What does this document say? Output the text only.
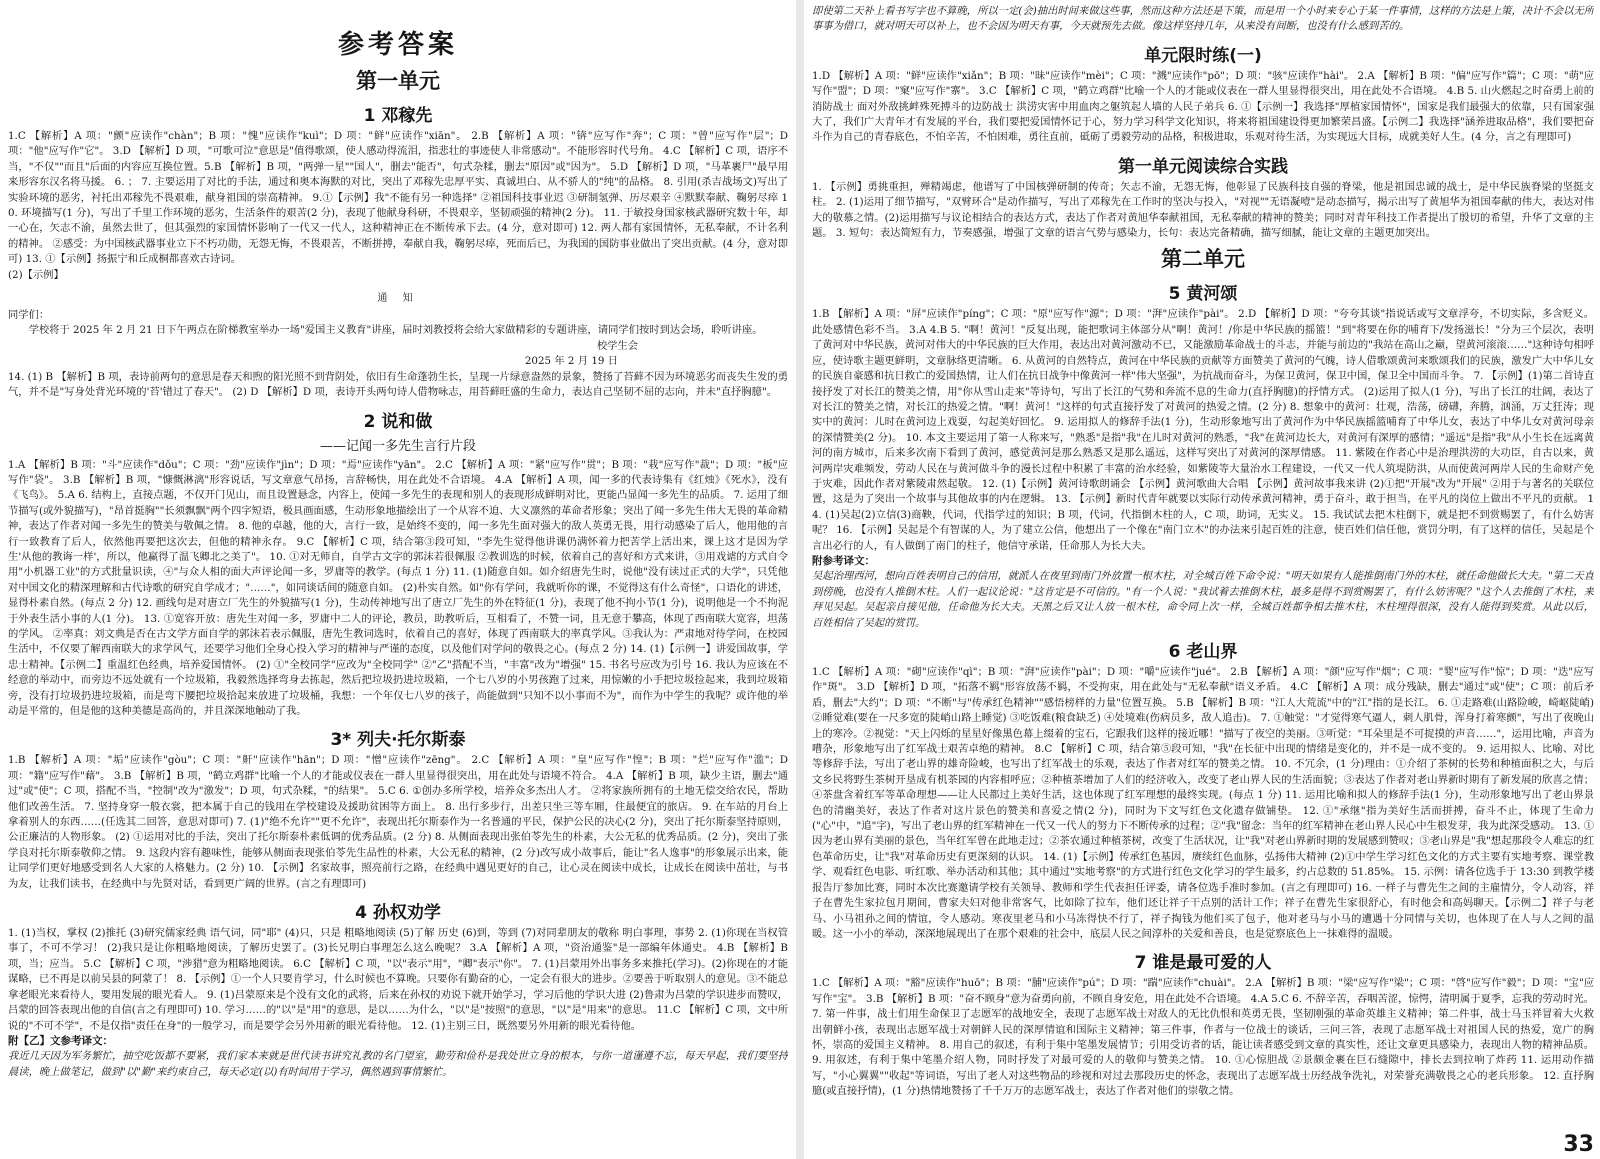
参考答案
第一单元
1 邓稼先

1.C 【解析】A 项："颤"应读作"chàn"；B 项："愧"应读作"kuì"；D 项："鲜"应读作"xiān"。 2.B 【解析】A 项："锛"应写作"奔"；C 项："曾"应写作"层"；D 项："他"应写作"它"。 3.D 【解析】D 项，"可歌可泣"意思是"值得歌颂，使人感动得流泪，指悲壮的事迹使人非常感动"。不能形容时代号角。 4.C 【解析】C 项，语序不当，"不仅""而且"后面的内容应互换位置。5.B 【解析】B 项，"两弹一星""国人"，删去"能否"，句式杂糅，删去"原因"或"因为"。 5.D 【解析】D 项，"马革裹尸"最早用来形容东汉名将马援。 6. ； 7. 主要运用了对比的手法，通过和奥本海默的对比，突出了邓稼先忠厚平实、真诚坦白、从不骄人的"纯"的品格。 8. 引用(杀吉战场文)写出了实验环境的恶劣，衬托出邓稼先不畏艰难，献身祖国的崇高精神。 9.①【示例】我"不能有另一种选择" ②祖国科技事业迟 ③研制氢弹、历尽艰辛 ④默默奉献、鞠躬尽瘁 10. 环境描写(1 分)，写出了千里工作环境的恶劣，生活条件的艰苦(2 分)，表现了他献身科研，不畏艰辛，坚韧顽强的精神(2 分)。 11. 于敏投身国家核武器研究数十年，却一心在，矢志不渝，虽然去世了，但其强烈的家国情怀影响了一代又一代人，这种精神正在不断传承下去。(4 分，意对即可) 12. 两人都有家国情怀，无私奉献，不计名利的精神。 ②感受：为中国核武器事业立下不朽功勋，无怨无悔，不畏艰苦，不断拼搏，奉献自我，鞠躬尽瘁，死而后已，为我国的国防事业做出了突出贡献。(4 分，意对即可) 13. ①【示例】扬振宁和丘成桐都喜欢古诗词。

(2)【示例】

通 知

同学们：

学校将于 2025 年 2 月 21 日下午两点在阶梯教室举办一场"爱国主义教育"讲座，届时刘教授将会给大家做精彩的专题讲座，请同学们按时到达会场，聆听讲座。

校学生会

2025 年 2 月 19 日

14. (1) B 【解析】B 项，表诗前两句的意思是春天和煦的阳光照不到背阴处，依旧有生命蓬勃生长，呈现一片绿意盎然的景象，赞扬了苔藓不因为环境恶劣而丧失生发的勇气，并不是"写身处背光环境的'苔'错过了春天"。 (2) D 【解析】D 项，表诗开头两句诗人借物咏志，用苔藓旺盛的生命力，表达自己坚韧不屈的志向，并未"直抒胸臆"。

2 说和做
——记闻一多先生言行片段

1.A 【解析】B 项："斗"应读作"dǒu"；C 项："劲"应读作"jìn"；D 项："焉"应读作"yān"。 2.C 【解析】A 项："紧"应写作"贯"；B 项："栽"应写作"裁"；D 项："板"应写作"袋"。 3.B 【解析】B 项，"慷慨淋漓"形容说话，写文章意气昂扬，言辞畅快，用在此处不合语境。 4.A 【解析】A 项，闻一多的代表诗集有《红烛》《死水》，没有《飞鸟》。 5.A 6. 结构上，直接点题，不仅开门见山，而且设置悬念，内容上，使闻一多先生的表现和别人的表现形成鲜明对比，更能凸显闻一多先生的品质。 7. 运用了细节描写(或外貌描写)，"昂首挺胸""长须飘飘"两个四字短语，极具画面感，生动形象地描绘出了一个从容不迫、大义凛然的革命者形象；突出了闻一多先生伟大无畏的革命精神，表达了作者对闻一多先生的赞美与敬佩之情。 8. 他的卓越，他的大，言行一致，是始终不变的，闻一多先生面对强大的敌人英勇无畏，用行动感染了后人，他用他的言行一致教育了后人，依然他再要把这次去，但他的精神永存。 9.C 【解析】C 项，结合第③段可知，"李先生觉得他讲课仍满怀着力把苦学上活出来，课上这才是因为学生'从他的教诲一样'，所以，他赢得了温飞卿北之美了"。 10. ①对无师自，自学古文字的郭沫若很佩服 ②教训选的时候，依着自己的喜好和方式来讲，③用戏谑的方式自令用"小机器工业"的方式批量识读，④"与众人相的面大声评论闻一多，罗庸等的教学。(每点 1 分) 11. (1)随意自如。如介绍唐先生时，说他"没有读过正式的大学"，只凭他对中国文化的精深理解和古代诗歌的研究自学成才；"……"，如同谈话间的随意自如。 (2)朴实自然。如"你有学问，我就听你的课，不觉得这有什么奇怪"，口语化的讲述，显得朴素自然。(每点 2 分) 12. 画线句是对唐立厂先生的外貌描写(1 分)，生动传神地写出了唐立厂先生的外在特征(1 分)，表现了他不拘小节(1 分)，说明他是一个不拘泥于外表生活小事的人(1 分)。 13. ①宽容开放：唐先生对闻一多，罗庸中二人的评论，教员，助教听后，互相看了，不赞一词，且无意于攀高，体现了西南联大宽容，坦荡的学风。 ②率真：刘文典是否在古文学方面自学的郭沫若表示佩服，唐先生教词选时，依着自己的喜好，体现了西南联大的率真学风。③我认为：严肃地对待学问，在校园生活中，不仅要了解西南联大的求学风气，还要学习他们全身心投入学习的精神与严谨的态度，以及他们对学问的敬畏之心。(每点 2 分) 14. (1)【示例一】讲爱国故事，学忠士精神。【示例二】重温红色经典，培养爱国情怀。 (2) ①"全校同学"应改为"全校同学" ②"乙"搭配不当，"丰富"改为"增强" 15. 书名号应改为引号 16. 我认为应该在不经意的举动中，而旁边不远处就有一个垃圾箱，我毅然选择弯身去拣起，然后把垃圾扔进垃圾箱，一个七八岁的小男孩跑了过来，用惊嫩的小手把垃圾捡起来，我到垃圾箱旁，没有打垃圾扔进垃圾箱，而是弯下腰把垃圾拾起来放进了垃圾桶，我想：一个年仅七八岁的孩子，尚能做到"只知不以小事而不为"，而作为中学生的我呢？或许他的举动是平常的，但是他的这种美德是高尚的，并且深深地触动了我。

3* 列夫·托尔斯泰

1.B 【解析】A 项："垢"应读作"gòu"；C 项："鼾"应读作"hān"；D 项："憎"应读作"zēng"。 2.C 【解析】A 项："皇"应写作"惶"；B 项："烂"应写作"滥"；D 项："籍"应写作"藉"。 3.B 【解析】B 项，"鹤立鸡群"比喻一个人的才能或仪表在一群人里显得很突出，用在此处与语境不符合。 4.A 【解析】B 项，缺少主语，删去"通过"或"使"；C 项，搭配不当，"控制"改为"激发"；D 项，句式杂糅，"的结果"。 5.C 6. ①创办多所学校，培养众多杰出人才。 ②将家族所拥有的土地无偿交给农民，帮助他们改善生活。 7. 坚持身穿一般衣裳，把本属于自己的钱用在学校建设及援助贫困等方面上。 8. 出行多步行，出差只坐三等车厢，住最便宜的旅店。 9. 在车站的月台上拿着别人的东西……(任选其二回答，意思对即可) 7. (1)"绝不允许""更不允许"，表现出托尔斯泰作为一名普通的平民，保护公民的决心(2 分)，突出了托尔斯泰坚持原则，公正廉洁的人物形象。 (2) ①运用对比的手法，突出了托尔斯泰朴素低调的优秀品质。(2 分) 8. 从侧面表现出张伯苓先生的朴素，大公无私的优秀品质。(2 分)，突出了张学良对托尔斯泰敬仰之情。 9. 这段内容有趣味性，能够从侧面表现张伯苓先生品性的朴素，大公无私的精神，(2 分)改写成小故事后，能让"名人逸事"的形象展示出来，能让同学们更好地感受到名人大家的人格魅力。(2 分) 10. 【示例】名家故事，照亮前行之路，在经典中遇见更好的自己，让心灵在阅读中成长，让成长在阅读中茁壮，与书为友，让我们读书，在经典中与先贤对话，看到更广阔的世界。(言之有理即可)

4 孙权劝学

1. (1)当权，掌权 (2)推托 (3)研究儒家经典 语气词，同"耶" (4)只，只是 粗略地阅读 (5)了解 历史 (6)到，等到 (7)对同辈朋友的敬称 明白事理，事势 2. (1)你现在当权管事了，不可不学习！ (2)我只是让你粗略地阅读，了解历史罢了。(3)长兄明白事理怎么这么晚呢？ 3.A 【解析】A 项，"资治通鉴"是一部编年体通史。 4.B 【解析】B 项，当；应当。 5.C 【解析】C 项，"涉猎"意为粗略地阅读。 6.C 【解析】C 项，"以"表示"用"，"卿"表示"你"。 7. (1)吕蒙用外出事务多来推托(学习)。(2)你现在的才能谋略，已不再是以前吴县的阿蒙了！ 8. 【示例】①一个人只要肯学习，什么时候也不算晚。只要你有勤奋的心，一定会有很大的进步。②要善于听取别人的意见。③不能总拿老眼光来看待人，要用发展的眼光看人。 9. (1)吕蒙原来是个没有文化的武将，后来在孙权的劝说下就开始学习，学习后他的学识大进 (2)鲁肃为吕蒙的学识进步而赞叹，吕蒙的回答表现出他的自信(言之有理即可) 10. 学习……的"以"是"用"的意思，是以……为什么，"以"是"按照"的意思，"以"是"用来"的意思。 11.C 【解析】C 项，文中所说的"不可不学"，不是仅指"责任在身"的一般学习，而是要学会另外用新的眼光看待他。 12. (1)主别三日，既然要另外用新的眼光看待他。

附【乙】文参考译文：

我近几天因为军务繁忙，抽空吃饭都不要紧，我们家本来就是世代读书讲究礼教的名门望室，勤劳和俭朴是我处世立身的根本，与你一道谨遵不忘，每天早起，我们要坚持晨读，晚上做笔记，做到"以"勤"来约束自己，每天必定(以)有时间用于学习，偶然遇到事情繁忙。

即使第二天补上看书写字也不算晚，所以一定(会)抽出时间来做这些事，然而这种方法还是下策，而是用一个小时来专心于某一件事情，这样的方法是上策，决计不会以无所事事为借口，就对明天可以补上，也不会因为明天有事，今天就预先去做。像这样坚持几年，从来没有间断，也没有什么感到苦的。

单元限时练(一)

1.D 【解析】A 项："鲜"应读作"xiǎn"；B 项："昧"应读作"mèi"；C 项："溅"应读作"pō"；D 项："骇"应读作"hài"。 2.A 【解析】B 项："偏"应写作"篇"；C 项："萌"应写作"盟"；D 项："窠"应写作"寨"。 3.C 【解析】C 项，"鹤立鸡群"比喻一个人的才能或仪表在一群人里显得很突出，用在此处不合语境。 4.B 5. 山火燃起之时奋勇上前的消防战士 面对外敌挑衅殊死搏斗的边防战士 洪涝灾害中用血肉之躯筑起人墙的人民子弟兵 6. ①【示例一】我选择"厚植家国情怀"，国家是我们最强大的依靠，只有国家强大了，我们广大青年才有发展的平台，我们要把爱国情怀记于心，努力学习科学文化知识，将来将祖国建设得更加繁荣昌盛。【示例二】我选择"涵养进取品格"，我们要把奋斗作为自己的青春底色，不怕辛苦，不怕困难，勇往直前，砥砺了勇毅劳动的品格，积极进取，乐观对待生活，为实现远大目标，成就美好人生。(4 分，言之有理即可)

第一单元阅读综合实践

1. 【示例】勇挑重担，殚精竭虑，他谱写了中国核弹研制的传奇；矢志不渝，无怨无悔，他彰显了民族科技自强的脊梁，他是祖国忠诚的战士，是中华民族脊梁的坚挺支柱。 2. (1)运用了细节描写，"双臂环合"是动作描写，写出了邓稼先在工作时的坚决与投入，"对视""无语凝噎"是动态描写，揭示出写了黄旭华为祖国奉献的伟大，表达对伟大的敬慕之情。(2)运用描写与议论相结合的表达方式，表达了作者对黄旭华奉献祖国，无私奉献的精神的赞美；同时对青年科技工作者提出了殷切的希望，升华了文章的主题。 3. 短句：表达简短有力，节奏感强，增强了文章的语言气势与感染力，长句：表达完备精确，描写细腻，能让文章的主题更加突出。

第二单元
5 黄河颂

1.B 【解析】A 项："屏"应读作"píng"；C 项："原"应写作"源"；D 项："湃"应读作"pài"。 2.D 【解析】D 项："夸夸其谈"指说话或写文章浮夸，不切实际，多含贬义。此处感情色彩不当。 3.A 4.B 5. "啊！黄河！"反复出现，能把歌词主体部分从"啊！黄河！/你是中华民族的摇篮！"到"将要在你的哺育下/发扬滋长！"分为三个层次，表明了黄河对中华民族，黄河对伟大的中华民族的巨大作用，表达出对黄河激动不已，又能激励革命战士的斗志，并能与前边的"我站在高山之巅，望黄河滚滚……"这种诗句相呼应，使诗歌主题更鲜明，文章脉络更清晰。 6. 从黄河的自然特点，黄河在中华民族的贡献等方面赞美了黄河的气魄，诗人借歌颂黄河来歌颂我们的民族，激发广大中华儿女的民族自豪感和抗日救亡的爱国热情，让人们在抗日战争中像黄河一样"伟大坚强"，为抗战而奋斗，为保卫黄河，保卫中国，保卫全中国而斗争。 7. 【示例】(1)第二首诗直接抒发了对长江的赞美之情，用"你从雪山走来"等诗句，写出了长江的气势和奔流不息的生命力(直抒胸臆)的抒情方式。 (2)运用了拟人(1 分)，写出了长江的壮阔，表达了对长江的赞美之情，对长江的热爱之情。"啊！黄河！"这样的句式直接抒发了对黄河的热爱之情。(2 分) 8. 想象中的黄河：壮观，浩荡，磅礴，奔腾，汹涌，万丈狂涛；现实中的黄河：儿时在黄河边上戏耍，勾起美好回忆。 9. 运用拟人的修辞手法(1 分)，生动形象地写出了黄河作为中华民族摇篮哺育了中华儿女，表达了中华儿女对黄河母亲的深情赞美(2 分)。 10. 本文主要运用了第一人称来写，"熟悉"是指"我"在儿时对黄河的熟悉，"我"在黄河边长大，对黄河有深厚的感情；"遥远"是指"我"从小生长在远离黄河的南方城市，后来多次南下看到了黄河，感觉黄河是那么熟悉又是那么遥远，这样写突出了对黄河的深厚情感。 11. 紫陵在作者心中是治理洪涝的大功臣，自古以来，黄河两岸灾难频发，劳动人民在与黄河做斗争的漫长过程中积累了丰富的治水经验，如紫陵等大量治水工程建设，一代又一代人筑堤防洪，从而使黄河两岸人民的生命财产免于灾难，因此作者对紫陵肃然起敬。 12. (1)【示例】黄河诗歌朗诵会 【示例】黄河歌曲大合唱 【示例】黄河故事我来讲 (2)①把"开展"改为"开展" ②用于与著名的关联位置，这是为了突出一个故事与其他故事的内在逻辑。 13. 【示例】新时代青年就要以实际行动传承黄河精神，勇于奋斗，敢于担当，在平凡的岗位上做出不平凡的贡献。 14. (1)吴起(2)立信(3)商鞅，代词，代指学过的知识；B 项，代词，代指倒木柱的人，C 项，助词，无实义。 15. 我试试去把木柱倒下，就是把不到赏赐罢了，有什么妨害呢？ 16. 【示例】吴起是个有智谋的人，为了建立公信，他想出了一个像在"南门立木"的办法来引起百姓的注意，使百姓们信任他，赏罚分明，有了这样的信任，吴起是个言出必行的人，有人做倒了南门的柱子，他信守承诺，任命那人为长大夫。

附参考译文：

吴起治理西河，想向百姓表明自己的信用，就派人在夜里到南门外放置一根木柱，对全城百姓下命令说："明天如果有人能推倒南门外的木柱，就任命他做长大夫。"第二天直到傍晚，也没有人推倒木柱。人们一起议论说："这肯定是不可信的。"有一个人说："我试着去推倒木柱，最多是得不到赏赐罢了，有什么妨害呢？"这个人去推倒了木柱，来拜见吴起。吴起亲自接见他，任命他为长大夫。天黑之后又让人放一根木柱，命令同上次一样，全城百姓都争相去推木柱，木柱埋得很深，没有人能得到奖赏。从此以后，百姓相信了吴起的赏罚。

6 老山界

1.C 【解析】A 项："砌"应读作"qì"；B 项："湃"应读作"pài"；D 项："嚼"应读作"jué"。 2.B 【解析】A 项："颜"应写作"烟"；C 项："婴"应写作"惊"；D 项："迭"应写作"斑"。 3.D 【解析】D 项，"拓落不羁"形容放荡不羁，不受拘束，用在此处与"无私奉献"语义矛盾。 4.C 【解析】A 项：成分残缺，删去"通过"或"使"；C 项：前后矛盾，删去"大约"；D 项："不断"与"传承红色精神""感悟榜样的力量"位置互换。 5.B 【解析】B 项："江人大荒流"中的"江"指的是长江。 6. ①走路难(山路险峻，崎岖陡峭) ②睡觉难(要在一尺多宽的陡峭山路上睡觉) ③吃饭难(粮食缺乏) ④处境难(伤病员多，敌人追击)。 7. ①触觉："才觉得寒气逼人，刺人肌骨，浑身打着寒颤"，写出了夜晚山上的寒冷。②视觉："天上闪烁的星星好像黑色幕上缀着的宝石，它跟我们这样的接近哪！"描写了夜空的美丽。③听觉："耳朵里是不可捉摸的声音……"，运用比喻，声音为嘈杂，形象地写出了红军战士艰苦卓绝的精神。 8.C 【解析】C 项，结合第⑤段可知，"我"在长征中出现的情绪是变化的，并不是一成不变的。 9. 运用拟人、比喻、对比等修辞手法，写出了老山界的雄奇险峻，也写出了红军战士的乐观，表达了作者对红军的赞美之情。 10. 不冗余，(1 分)理由：①介绍了茶树的长势和种植面积之大，与后文乡民将野生茶树开垦成有机茶园的内容相呼应；②种植茶增加了人们的经济收入，改变了老山界人民的生活面貌；③表达了作者对老山界新时期有了新发展的欣喜之情；④茶盘含着红军等革命理想——让人民都过上美好生活，这也体现了红军理想的最终实现。(每点 1 分) 11. 运用比喻和拟人的修辞手法(1 分)，生动形象地写出了老山界景色的清幽美好，表达了作者对这片景色的赞美和喜爱之情(2 分)，同时为下文写红色文化遗存做铺垫。 12. ①"承继"指为美好生活而拼搏，奋斗不止，体现了生命力("心"中，"追"字)，写出了老山界的红军精神在一代又一代人的努力下不断传承的过程；②"我"留念：当年的红军精神在老山界人民心中生根发芽，我为此深受感动。 13. ①因为老山界有美丽的景色，当年红军曾在此地走过；②茶农通过种植茶树，改变了生活状况，让"我"对老山界新时期的发展感到赞叹；③老山界是"我"想起那段令人难忘的红色革命历史，让"我"对革命历史有更深刻的认识。 14. (1)【示例】传承红色基因，赓续红色血脉，弘扬伟大精神 (2)①中学生学习红色文化的方式主要有实地考察、课堂教学、观看红色电影、听红歌、举办活动和其他；其中通过"实地考察"的方式进行红色文化学习的学生最多，约占总数的 51.85%。 15. 示例：请各位选手于 13:30 到教学楼报告厅参加比赛，同时本次比赛邀请学校有关领导、教师和学生代表担任评委，请各位选手准时参加。(言之有理即可) 16. 一样子与曹先生之间的主雇情分，令人动容，祥子在曹先生家拉包月期间，曹家夫妇对他非常客气，比如除了拉车，他们还让祥子干点别的活计工作；祥子在曹先生家很舒心，有时他会和高妈聊天。【示例二】祥子与老马、小马祖孙之间的情谊，令人感动。寒夜里老马和小马冻得快不行了，祥子掏钱为他们买了包子，他对老马与小马的遭遇十分同情与关切，也体现了在人与人之间的温暖。这一小小的举动，深深地展现出了在那个艰难的社会中，底层人民之间淳朴的关爱和善良，也是觉察底色上一抹难得的温暖。

7 谁是最可爱的人

1.C 【解析】A 项："豁"应读作"huō"；B 项："脯"应读作"pú"；D 项："踹"应读作"chuài"。 2.A 【解析】B 项："梁"应写作"梁"；C 项："啓"应写作"毅"；D 项："宝"应写作"宝"。 3.B 【解析】B 项："奋不顾身"意为奋勇向前，不顾自身安危，用在此处不合语境。 4.A 5.C 6. 不辞辛苦，吞咽苦涩，惊愕，清明属于夏季，忘我的劳动时光。 7. 第一件事，战士们用生命保卫了志愿军的战地安全，表现了志愿军战士对敌人的无比仇恨和英勇无畏，坚韧刚强的革命英雄主义精神；第二件事，战士马玉祥冒着大火救出朝鲜小孩，表现出志愿军战士对朝鲜人民的深厚情谊和国际主义精神；第三件事，作者与一位战士的谈话，三问三答，表现了志愿军战士对祖国人民的热爱，宽广的胸怀，崇高的爱国主义精神。 8. 用自己的叙述，有利于集中笔墨发展情节；引用受访者的话，能让读者感受到文章的真实性，还让文章更具感染力，表现出人物的精神品质。 9. 用叙述，有利于集中笔墨介绍人物，同时抒发了对最可爱的人的敬仰与赞美之情。 10. ①心惊胆战 ②景颇金裹在巨石缝隙中，排长去到拉响了炸药 11. 运用动作描写，"小心翼翼""收起"等词语，写出了老人对这些物品的珍视和对过去那段历史的怀念，表现出了志愿军战士历经战争洗礼，对荣誉充满敬畏之心的老兵形象。 12. 直抒胸臆(或直接抒情)，(1 分)热情地赞扬了千千万万的志愿军战士，表达了作者对他们的崇敬之情。

33
